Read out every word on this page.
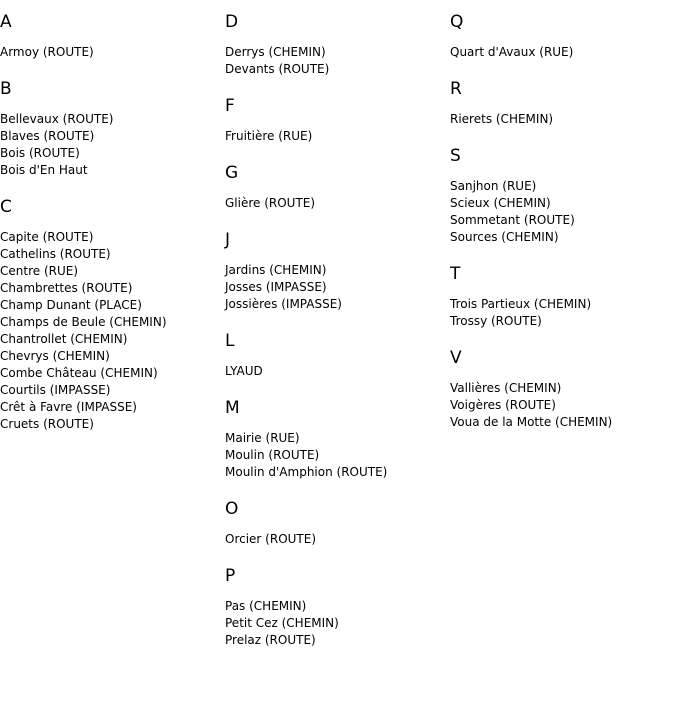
A
Armoy (ROUTE)
B
Bellevaux (ROUTE)
Blaves (ROUTE)
Bois (ROUTE)
Bois d'En Haut
C
Capite (ROUTE)
Cathelins (ROUTE)
Centre (RUE)
Chambrettes (ROUTE)
Champ Dunant (PLACE)
Champs de Beule (CHEMIN)
Chantrollet (CHEMIN)
Chevrys (CHEMIN)
Combe Château (CHEMIN)
Courtils (IMPASSE)
Crêt à Favre (IMPASSE)
Cruets (ROUTE)
D
Derrys (CHEMIN)
Devants (ROUTE)
F
Fruitière (RUE)
G
Glière (ROUTE)
J
Jardins (CHEMIN)
Josses (IMPASSE)
Jossières (IMPASSE)
L
LYAUD
M
Mairie (RUE)
Moulin (ROUTE)
Moulin d'Amphion (ROUTE)
O
Orcier (ROUTE)
P
Pas (CHEMIN)
Petit Cez (CHEMIN)
Prelaz (ROUTE)
Q
Quart d'Avaux (RUE)
R
Rierets (CHEMIN)
S
Sanjhon (RUE)
Scieux (CHEMIN)
Sommetant (ROUTE)
Sources (CHEMIN)
T
Trois Partieux (CHEMIN)
Trossy (ROUTE)
V
Vallières (CHEMIN)
Voigères (ROUTE)
Voua de la Motte (CHEMIN)
